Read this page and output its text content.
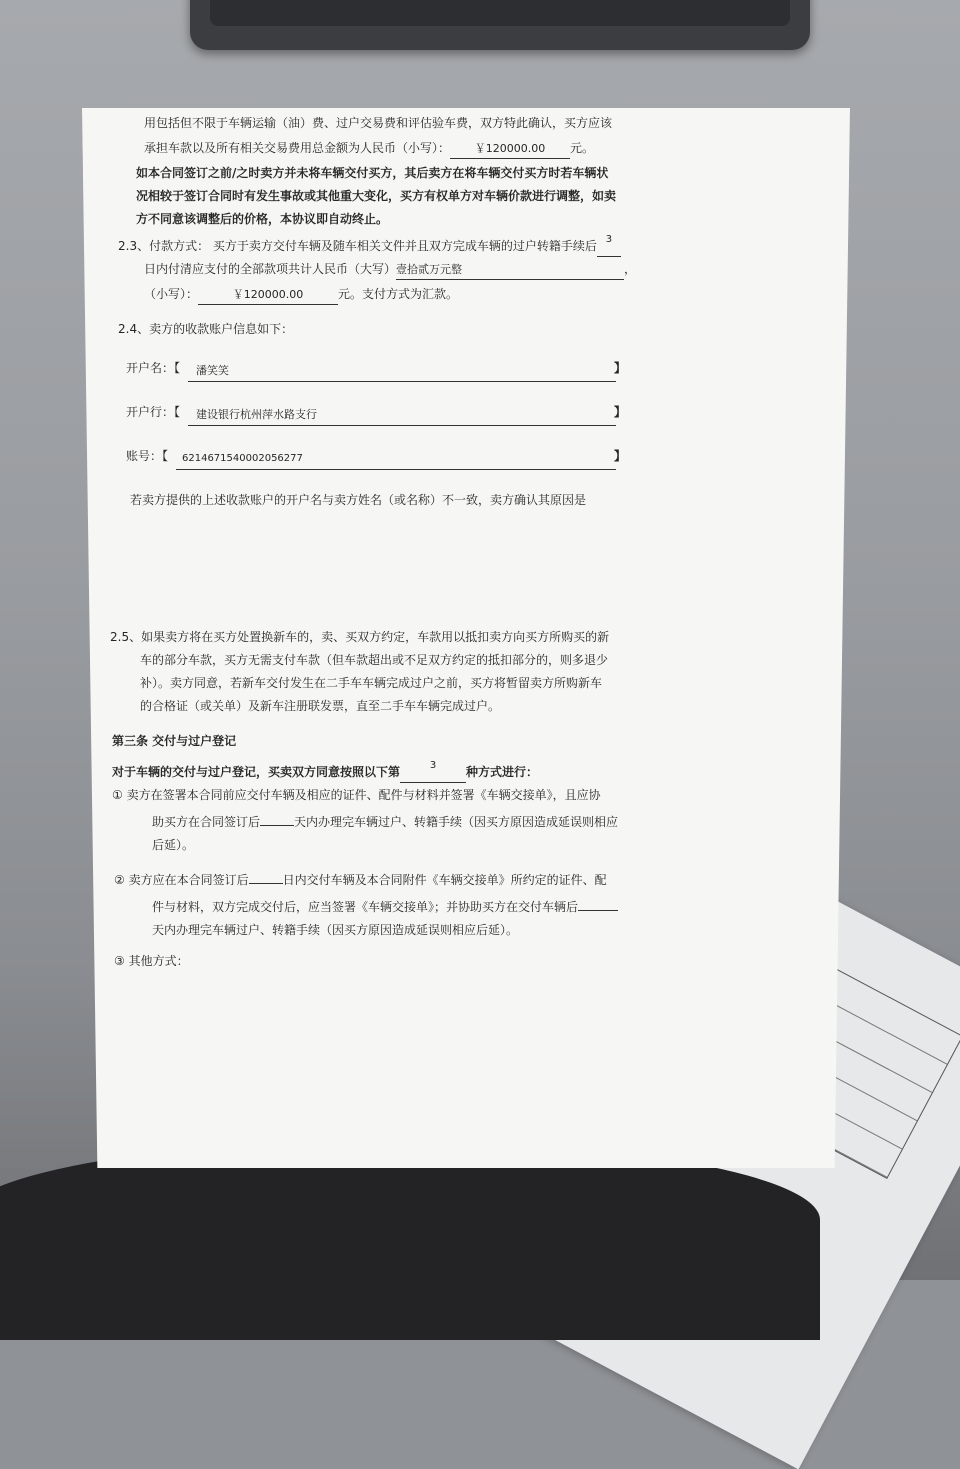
用包括但不限于车辆运输（油）费、过户交易费和评估验车费，双方特此确认，买方应该
承担车款以及所有相关交易费用总金额为人民币（小写）： ￥120000.00 元。
如本合同签订之前/之时卖方并未将车辆交付买方，其后卖方在将车辆交付买方时若车辆状
况相较于签订合同时有发生事故或其他重大变化，买方有权单方对车辆价款进行调整，如卖
方不同意该调整后的价格，本协议即自动终止。
2.3、付款方式： 买方于卖方交付车辆及随车相关文件并且双方完成车辆的过户转籍手续后 3
日内付清应支付的全部款项共计人民币（大写）壹拾贰万元整	，
（小写）：	￥120000.00	元。支付方式为汇款。
2.4、卖方的收款账户信息如下：
开户名：【 潘笑笑	】
开户行：【 建设银行杭州萍水路支行	】
账号：【 6214671540002056277	】
若卖方提供的上述收款账户的开户名与卖方姓名（或名称）不一致，卖方确认其原因是
2.5、如果卖方将在买方处置换新车的，卖、买双方约定，车款用以抵扣卖方向买方所购买的新
车的部分车款，买方无需支付车款（但车款超出或不足双方约定的抵扣部分的，则多退少
补）。卖方同意，若新车交付发生在二手车车辆完成过户之前，买方将暂留卖方所购新车
的合格证（或关单）及新车注册联发票，直至二手车车辆完成过户。
第三条 交付与过户登记
对于车辆的交付与过户登记，买卖双方同意按照以下第	3 种方式进行：
① 卖方在签署本合同前应交付车辆及相应的证件、配件与材料并签署《车辆交接单》，且应协
助买方在合同签订后	天内办理完车辆过户、转籍手续（因买方原因造成延误则相应
后延）。
② 卖方应在本合同签订后	日内交付车辆及本合同附件《车辆交接单》所约定的证件、配
件与材料，双方完成交付后，应当签署《车辆交接单》；并协助买方在交付车辆后
天内办理完车辆过户、转籍手续（因买方原因造成延误则相应后延）。
③ 其他方式：
